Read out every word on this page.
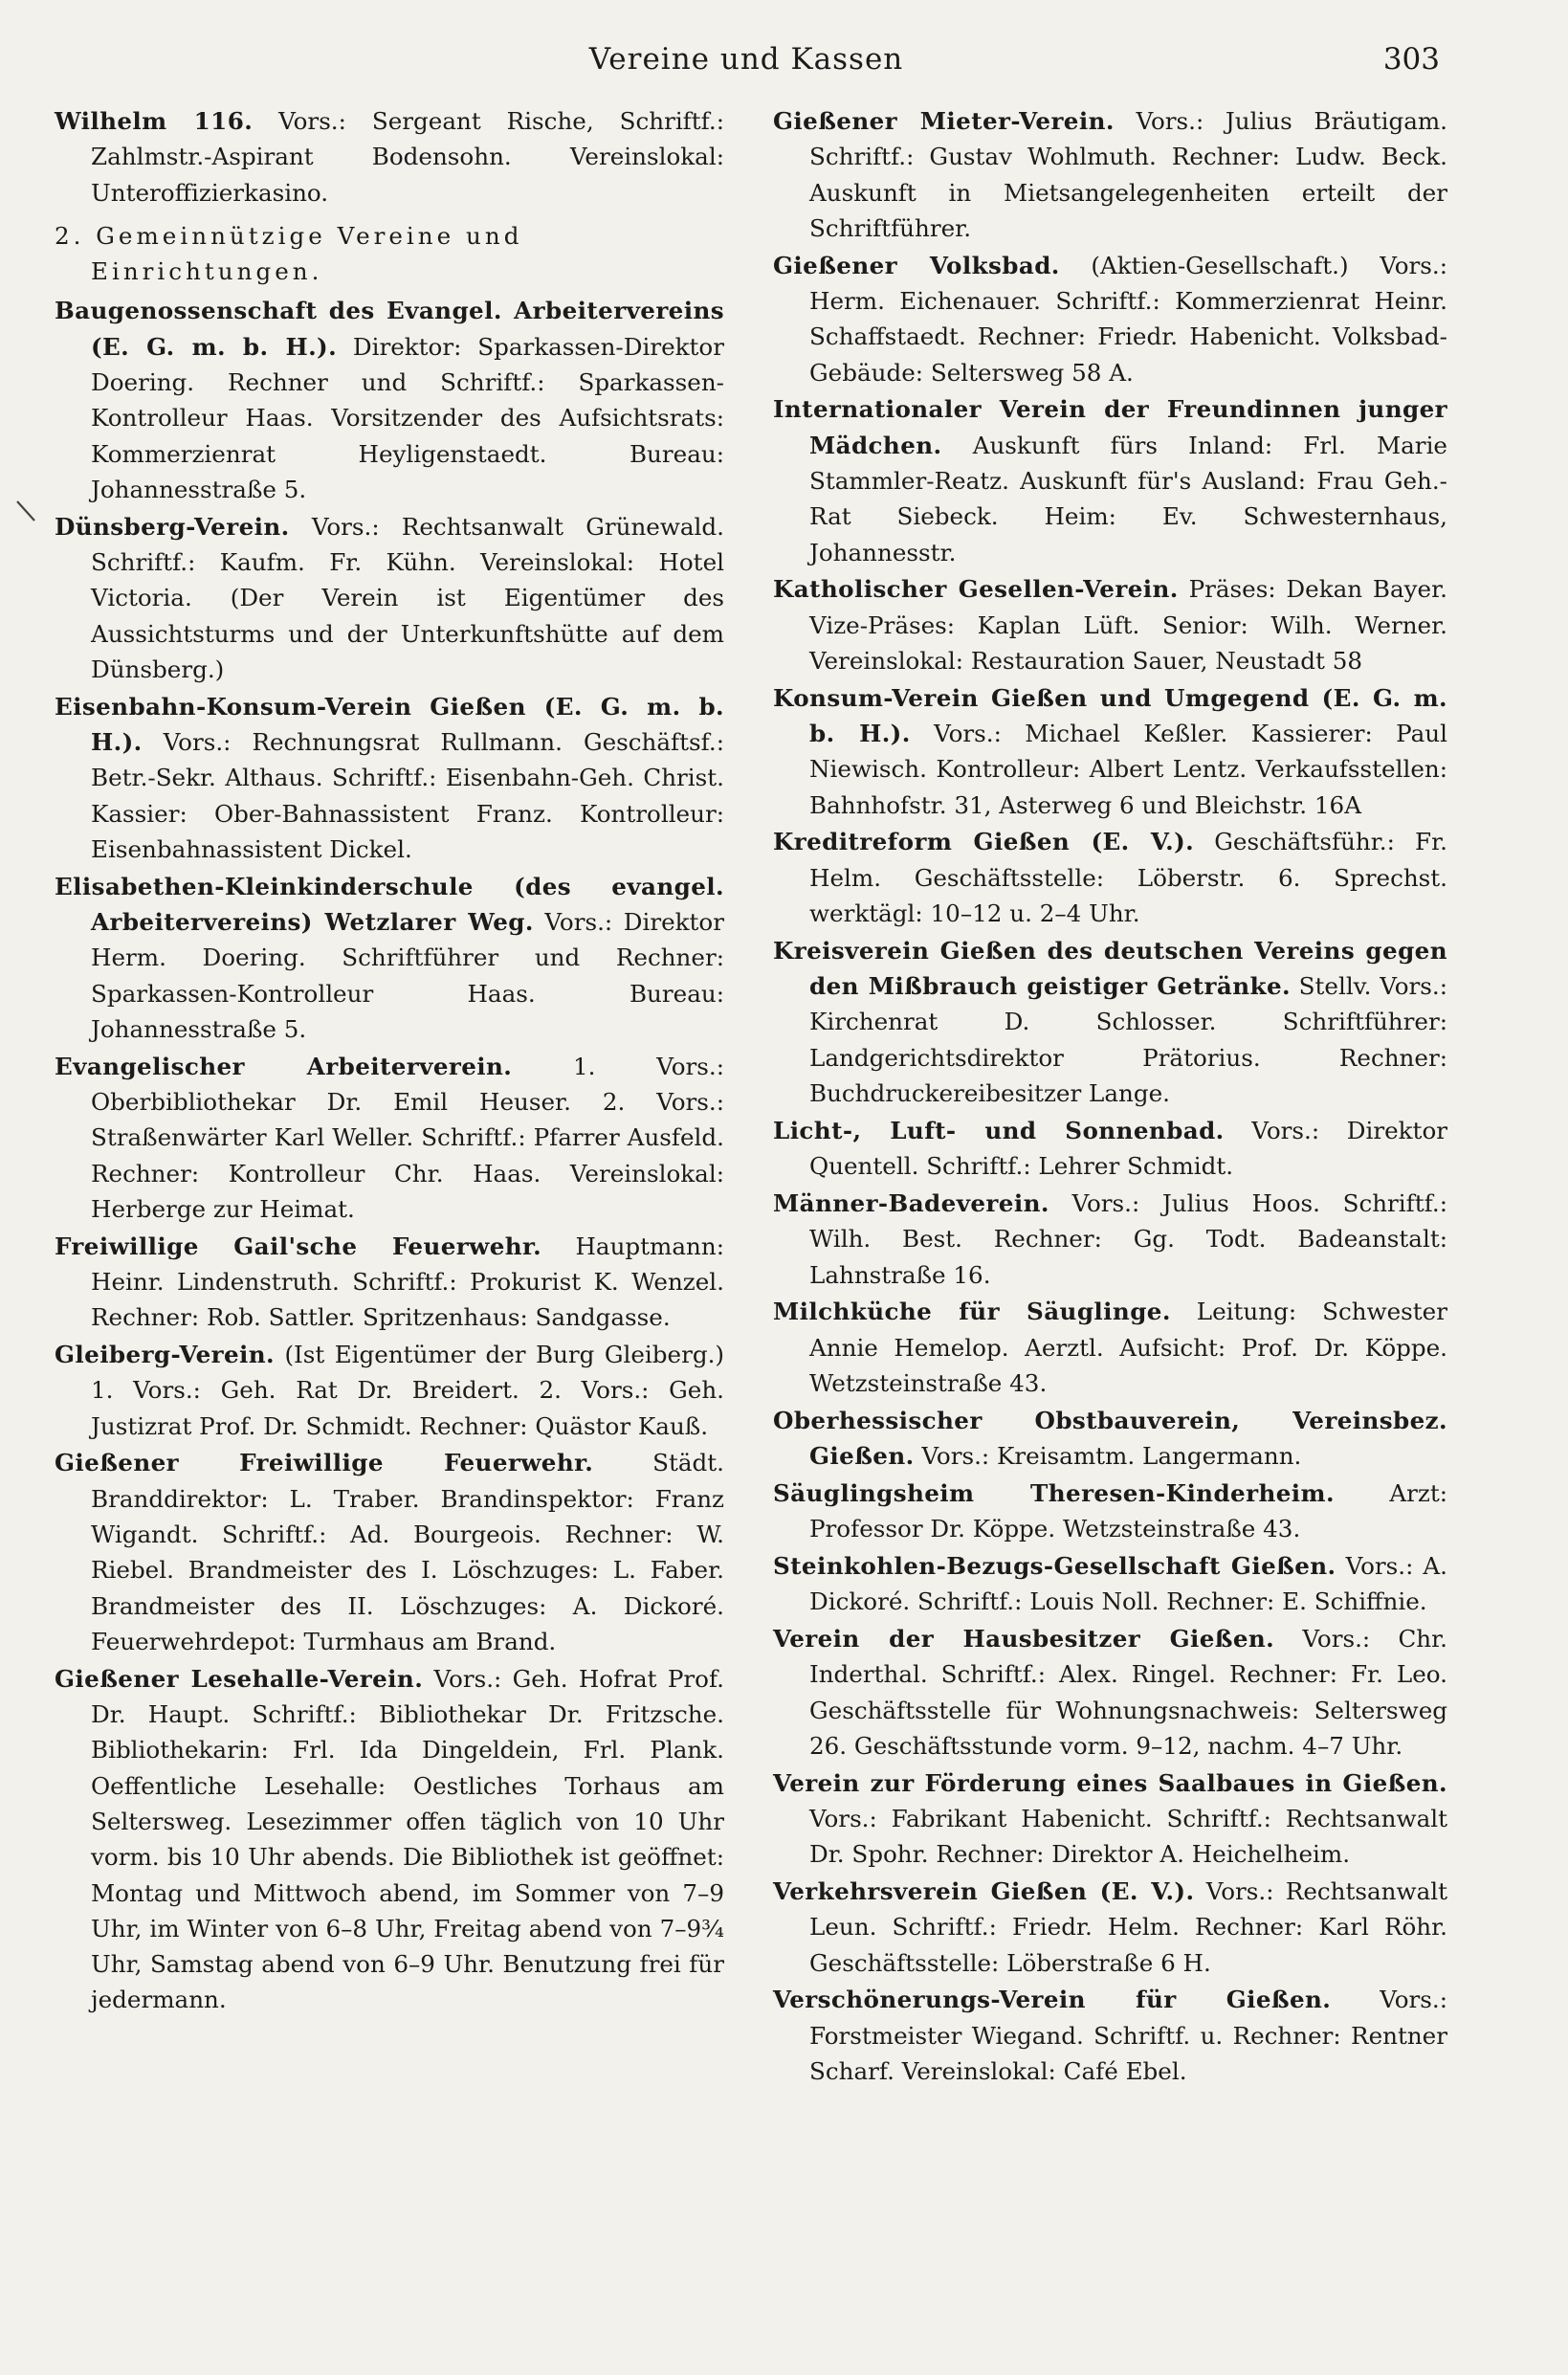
Vereine und Kassen	303

Wilhelm 116. Vors.: Sergeant Rische, Schriftf.: Zahlmstr.-Aspirant Bodensohn. Vereinslokal: Unteroffizierkasino.

2. Gemeinnützige Vereine und Einrichtungen.

Baugenossenschaft des Evangel. Arbeitervereins (E. G. m. b. H.). Direktor: Sparkassen-Direktor Doering. Rechner und Schriftf.: Sparkassen-Kontrolleur Haas. Vorsitzender des Aufsichtsrats: Kommerzienrat Heyligenstaedt. Bureau: Johannesstraße 5.

Dünsberg-Verein. Vors.: Rechtsanwalt Grünewald. Schriftf.: Kaufm. Fr. Kühn. Vereinslokal: Hotel Victoria. (Der Verein ist Eigentümer des Aussichtsturms und der Unterkunftshütte auf dem Dünsberg.)

Eisenbahn-Konsum-Verein Gießen (E. G. m. b. H.). Vors.: Rechnungsrat Rullmann. Geschäftsf.: Betr.-Sekr. Althaus. Schriftf.: Eisenbahn-Geh. Christ. Kassier: Ober-Bahnassistent Franz. Kontrolleur: Eisenbahnassistent Dickel.

Elisabethen-Kleinkinderschule (des evangel. Arbeitervereins) Wetzlarer Weg. Vors.: Direktor Herm. Doering. Schriftführer und Rechner: Sparkassen-Kontrolleur Haas. Bureau: Johannesstraße 5.

Evangelischer Arbeiterverein. 1. Vors.: Oberbibliothekar Dr. Emil Heuser. 2. Vors.: Straßenwärter Karl Weller. Schriftf.: Pfarrer Ausfeld. Rechner: Kontrolleur Chr. Haas. Vereinslokal: Herberge zur Heimat.

Freiwillige Gail'sche Feuerwehr. Hauptmann: Heinr. Lindenstruth. Schriftf.: Prokurist K. Wenzel. Rechner: Rob. Sattler. Spritzenhaus: Sandgasse.

Gleiberg-Verein. (Ist Eigentümer der Burg Gleiberg.) 1. Vors.: Geh. Rat Dr. Breidert. 2. Vors.: Geh. Justizrat Prof. Dr. Schmidt. Rechner: Quästor Kauß.

Gießener Freiwillige Feuerwehr. Städt. Branddirektor: L. Traber. Brandinspektor: Franz Wigandt. Schriftf.: Ad. Bourgeois. Rechner: W. Riebel. Brandmeister des I. Löschzuges: L. Faber. Brandmeister des II. Löschzuges: A. Dickoré. Feuerwehrdepot: Turmhaus am Brand.

Gießener Lesehalle-Verein. Vors.: Geh. Hofrat Prof. Dr. Haupt. Schriftf.: Bibliothekar Dr. Fritzsche. Bibliothekarin: Frl. Ida Dingeldein, Frl. Plank. Oeffentliche Lesehalle: Oestliches Torhaus am Seltersweg. Lesezimmer offen täglich von 10 Uhr vorm. bis 10 Uhr abends. Die Bibliothek ist geöffnet: Montag und Mittwoch abend, im Sommer von 7–9 Uhr, im Winter von 6–8 Uhr, Freitag abend von 7–9¾ Uhr, Samstag abend von 6–9 Uhr. Benutzung frei für jedermann.

Gießener Mieter-Verein. Vors.: Julius Bräutigam. Schriftf.: Gustav Wohlmuth. Rechner: Ludw. Beck. Auskunft in Mietsangelegenheiten erteilt der Schriftführer.

Gießener Volksbad. (Aktien-Gesellschaft.) Vors.: Herm. Eichenauer. Schriftf.: Kommerzienrat Heinr. Schaffstaedt. Rechner: Friedr. Habenicht. Volksbad-Gebäude: Seltersweg 58 A.

Internationaler Verein der Freundinnen junger Mädchen. Auskunft fürs Inland: Frl. Marie Stammler-Reatz. Auskunft für's Ausland: Frau Geh.-Rat Siebeck. Heim: Ev. Schwesternhaus, Johannesstr.

Katholischer Gesellen-Verein. Präses: Dekan Bayer. Vize-Präses: Kaplan Lüft. Senior: Wilh. Werner. Vereinslokal: Restauration Sauer, Neustadt 58

Konsum-Verein Gießen und Umgegend (E. G. m. b. H.). Vors.: Michael Keßler. Kassierer: Paul Niewisch. Kontrolleur: Albert Lentz. Verkaufsstellen: Bahnhofstr. 31, Asterweg 6 und Bleichstr. 16A

Kreditreform Gießen (E. V.). Geschäftsführ.: Fr. Helm. Geschäftsstelle: Löberstr. 6. Sprechst. werktägl: 10–12 u. 2–4 Uhr.

Kreisverein Gießen des deutschen Vereins gegen den Mißbrauch geistiger Getränke. Stellv. Vors.: Kirchenrat D. Schlosser. Schriftführer: Landgerichtsdirektor Prätorius. Rechner: Buchdruckereibesitzer Lange.

Licht-, Luft- und Sonnenbad. Vors.: Direktor Quentell. Schriftf.: Lehrer Schmidt.

Männer-Badeverein. Vors.: Julius Hoos. Schriftf.: Wilh. Best. Rechner: Gg. Todt. Badeanstalt: Lahnstraße 16.

Milchküche für Säuglinge. Leitung: Schwester Annie Hemelop. Aerztl. Aufsicht: Prof. Dr. Köppe. Wetzsteinstraße 43.

Oberhessischer Obstbauverein, Vereinsbez. Gießen. Vors.: Kreisamtm. Langermann.

Säuglingsheim Theresen-Kinderheim. Arzt: Professor Dr. Köppe. Wetzsteinstraße 43.

Steinkohlen-Bezugs-Gesellschaft Gießen. Vors.: A. Dickoré. Schriftf.: Louis Noll. Rechner: E. Schiffnie.

Verein der Hausbesitzer Gießen. Vors.: Chr. Inderthal. Schriftf.: Alex. Ringel. Rechner: Fr. Leo. Geschäftsstelle für Wohnungsnachweis: Seltersweg 26. Geschäftsstunde vorm. 9–12, nachm. 4–7 Uhr.

Verein zur Förderung eines Saalbaues in Gießen. Vors.: Fabrikant Habenicht. Schriftf.: Rechtsanwalt Dr. Spohr. Rechner: Direktor A. Heichelheim.

Verkehrsverein Gießen (E. V.). Vors.: Rechtsanwalt Leun. Schriftf.: Friedr. Helm. Rechner: Karl Röhr. Geschäftsstelle: Löberstraße 6 H.

Verschönerungs-Verein für Gießen. Vors.: Forstmeister Wiegand. Schriftf. u. Rechner: Rentner Scharf. Vereinslokal: Café Ebel.
